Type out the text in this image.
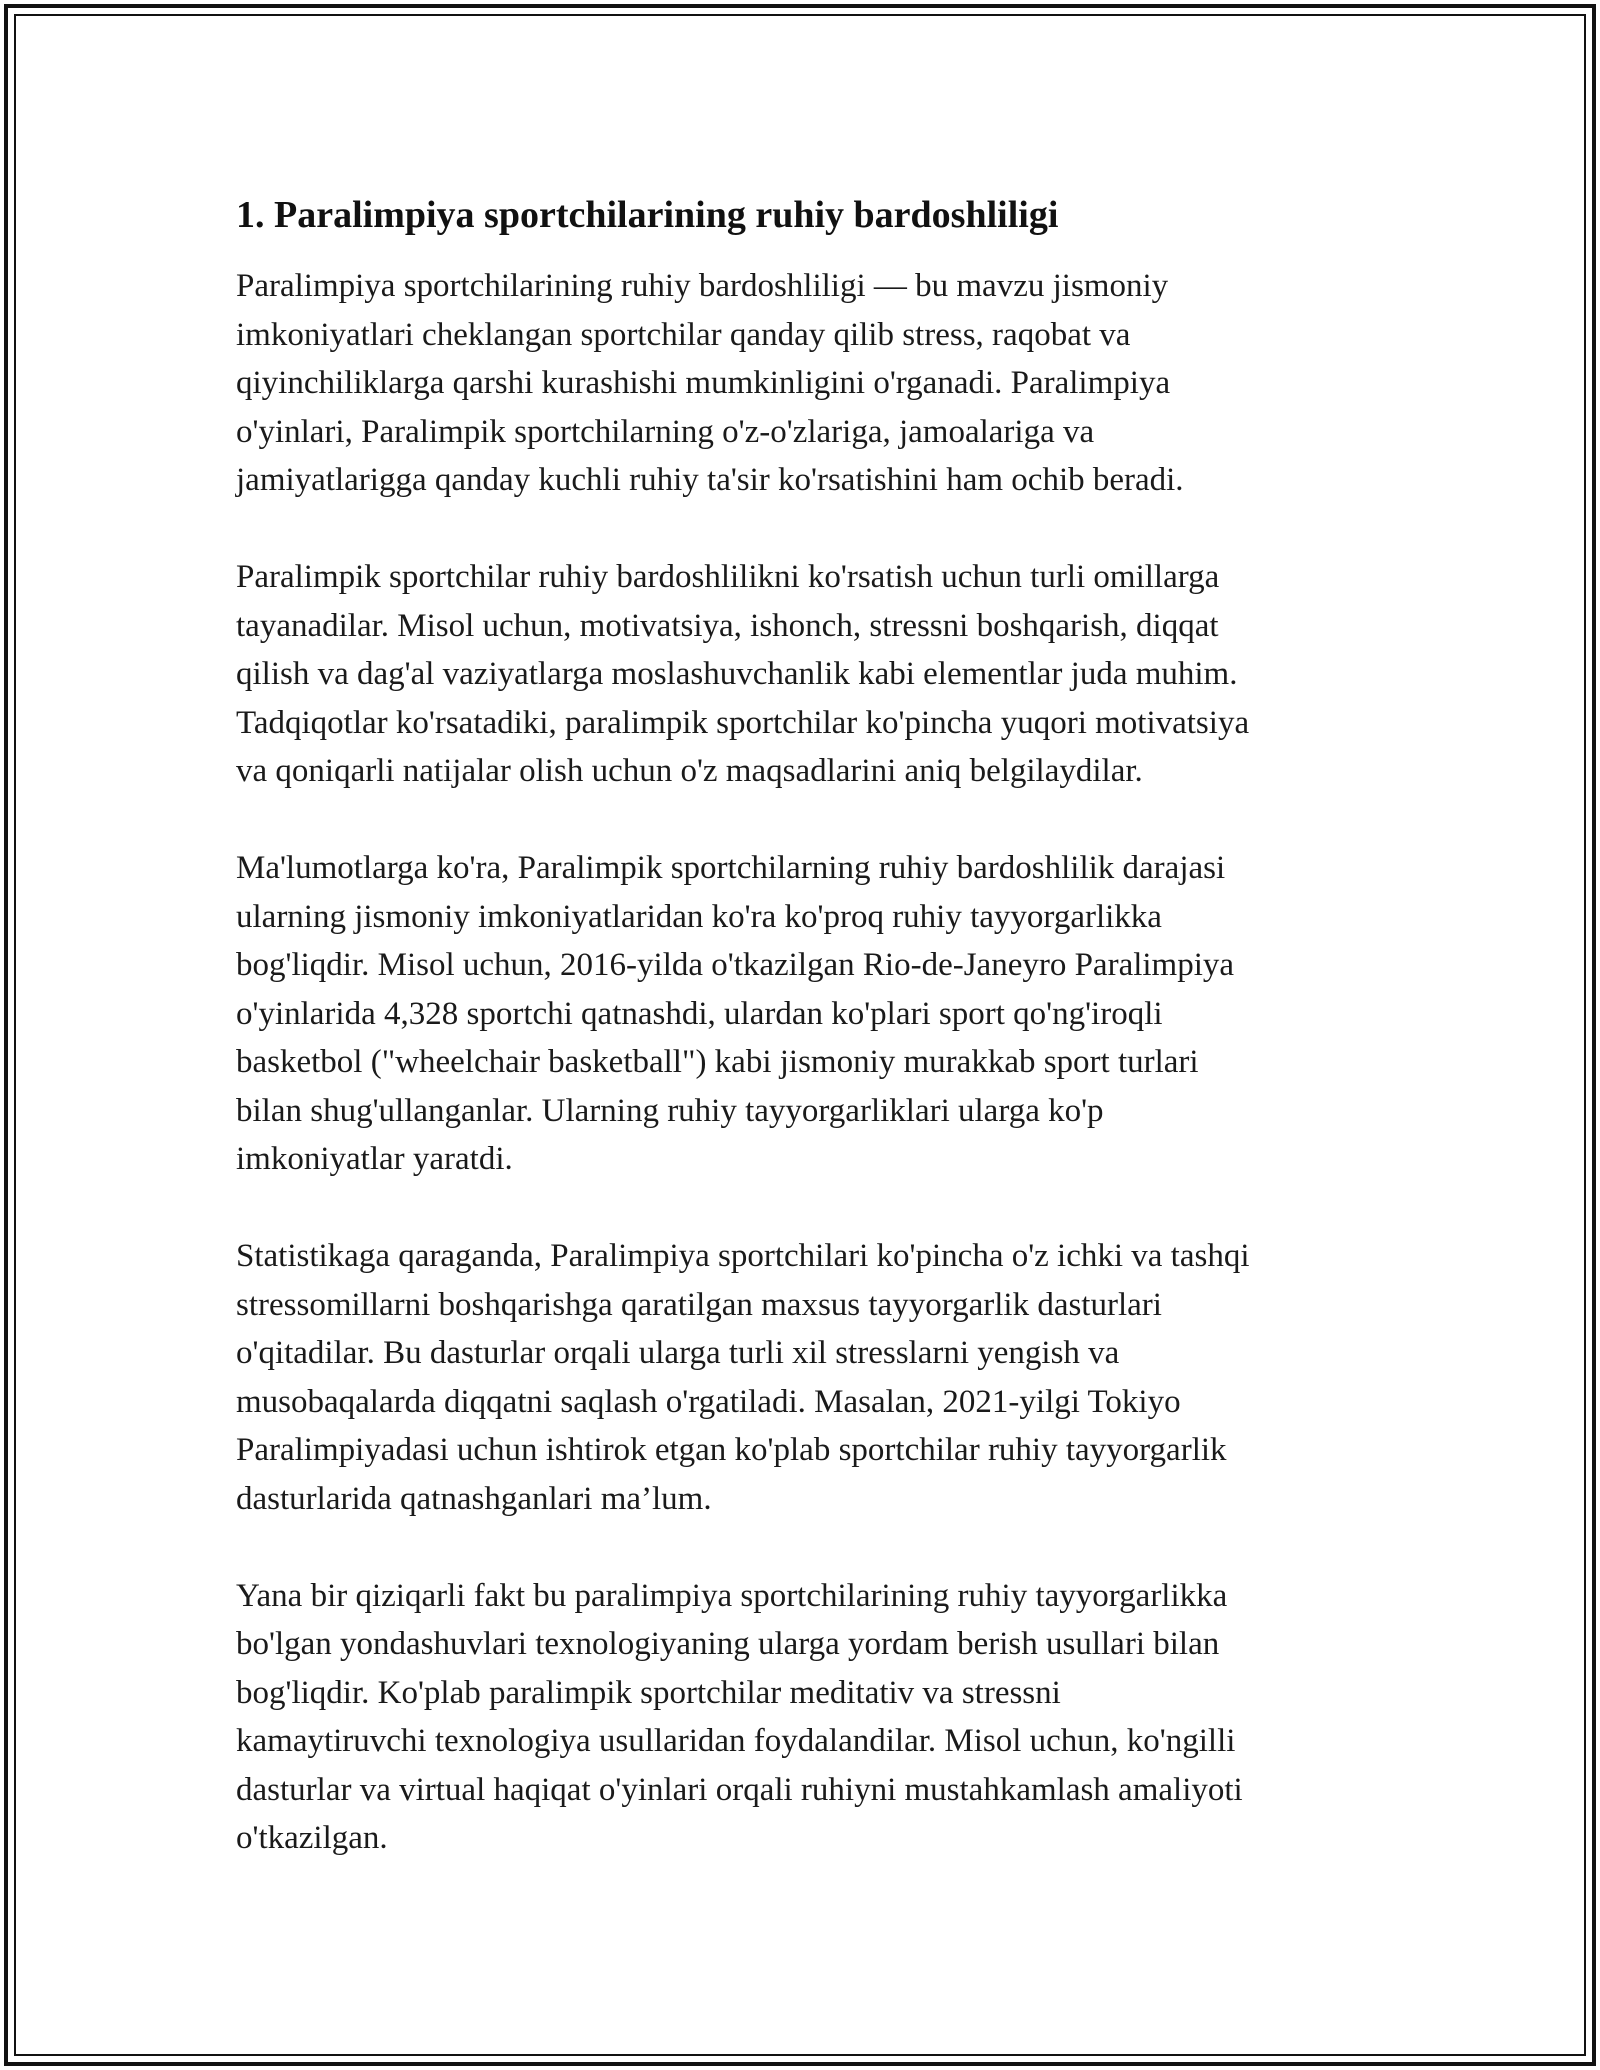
1. Paralimpiya sportchilarining ruhiy bardoshliligi

Paralimpiya sportchilarining ruhiy bardoshliligi — bu mavzu jismoniy
imkoniyatlari cheklangan sportchilar qanday qilib stress, raqobat va
qiyinchiliklarga qarshi kurashishi mumkinligini o'rganadi. Paralimpiya
o'yinlari, Paralimpik sportchilarning o'z-o'zlariga, jamoalariga va
jamiyatlarigga qanday kuchli ruhiy ta'sir ko'rsatishini ham ochib beradi.

Paralimpik sportchilar ruhiy bardoshlilikni ko'rsatish uchun turli omillarga
tayanadilar. Misol uchun, motivatsiya, ishonch, stressni boshqarish, diqqat
qilish va dag'al vaziyatlarga moslashuvchanlik kabi elementlar juda muhim.
Tadqiqotlar ko'rsatadiki, paralimpik sportchilar ko'pincha yuqori motivatsiya
va qoniqarli natijalar olish uchun o'z maqsadlarini aniq belgilaydilar.

Ma'lumotlarga ko'ra, Paralimpik sportchilarning ruhiy bardoshlilik darajasi
ularning jismoniy imkoniyatlaridan ko'ra ko'proq ruhiy tayyorgarlikka
bog'liqdir. Misol uchun, 2016-yilda o'tkazilgan Rio-de-Janeyro Paralimpiya
o'yinlarida 4,328 sportchi qatnashdi, ulardan ko'plari sport qo'ng'iroqli
basketbol ("wheelchair basketball") kabi jismoniy murakkab sport turlari
bilan shug'ullanganlar. Ularning ruhiy tayyorgarliklari ularga ko'p
imkoniyatlar yaratdi.

Statistikaga qaraganda, Paralimpiya sportchilari ko'pincha o'z ichki va tashqi
stressomillarni boshqarishga qaratilgan maxsus tayyorgarlik dasturlari
o'qitadilar. Bu dasturlar orqali ularga turli xil stresslarni yengish va
musobaqalarda diqqatni saqlash o'rgatiladi. Masalan, 2021-yilgi Tokiyo
Paralimpiyadasi uchun ishtirok etgan ko'plab sportchilar ruhiy tayyorgarlik
dasturlarida qatnashganlari ma’lum.

Yana bir qiziqarli fakt bu paralimpiya sportchilarining ruhiy tayyorgarlikka
bo'lgan yondashuvlari texnologiyaning ularga yordam berish usullari bilan
bog'liqdir. Ko'plab paralimpik sportchilar meditativ va stressni
kamaytiruvchi texnologiya usullaridan foydalandilar. Misol uchun, ko'ngilli
dasturlar va virtual haqiqat o'yinlari orqali ruhiyni mustahkamlash amaliyoti
o'tkazilgan.
